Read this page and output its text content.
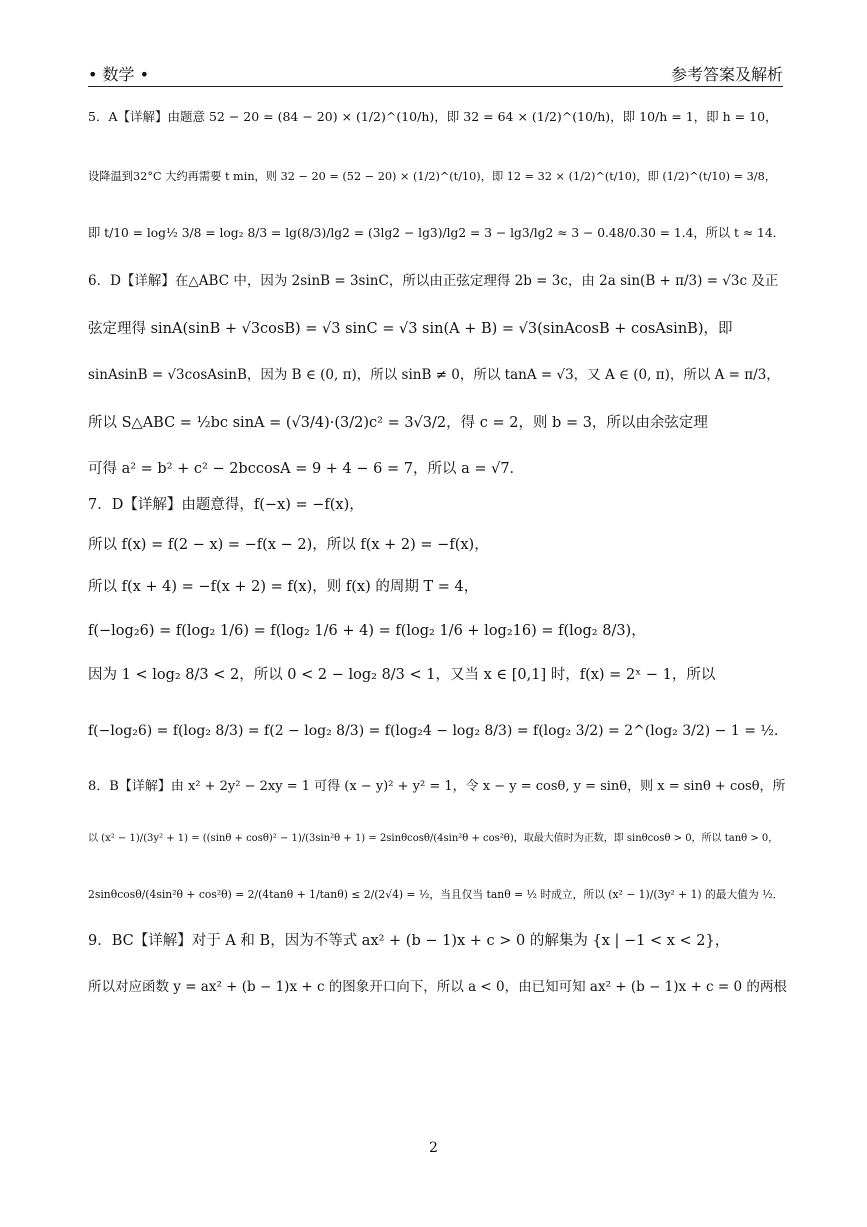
• 数学 •	参考答案及解析

5．A【详解】由题意 52 − 20 = (84 − 20) × (1/2)^(10/h)，即 32 = 64 × (1/2)^(10/h)，即 10/h = 1，即 h = 10，

设降温到32°C 大约再需要 t min，则 32 − 20 = (52 − 20) × (1/2)^(t/10)，即 12 = 32 × (1/2)^(t/10)，即 (1/2)^(t/10) = 3/8，

即 t/10 = log½ 3/8 = log₂ 8/3 = lg(8/3)/lg2 = (3lg2 − lg3)/lg2 = 3 − lg3/lg2 ≈ 3 − 0.48/0.30 = 1.4，所以 t ≈ 14．

6．D【详解】在△ABC 中，因为 2sinB = 3sinC，所以由正弦定理得 2b = 3c，由 2a sin(B + π/3) = √3c 及正

弦定理得 sinA(sinB + √3cosB) = √3 sinC = √3 sin(A + B) = √3(sinAcosB + cosAsinB)，即

sinAsinB = √3cosAsinB，因为 B ∈ (0, π)，所以 sinB ≠ 0，所以 tanA = √3，又 A ∈ (0, π)，所以 A = π/3，

所以 S△ABC = ½bc sinA = (√3/4)·(3/2)c² = 3√3/2，得 c = 2，则 b = 3，所以由余弦定理

可得 a² = b² + c² − 2bccosA = 9 + 4 − 6 = 7，所以 a = √7．

7．D【详解】由题意得，f(−x) = −f(x)，

所以 f(x) = f(2 − x) = −f(x − 2)，所以 f(x + 2) = −f(x)，

所以 f(x + 4) = −f(x + 2) = f(x)，则 f(x) 的周期 T = 4，

f(−log₂6) = f(log₂ 1/6) = f(log₂ 1/6 + 4) = f(log₂ 1/6 + log₂16) = f(log₂ 8/3)，

因为 1 < log₂ 8/3 < 2，所以 0 < 2 − log₂ 8/3 < 1，又当 x ∈ [0,1] 时，f(x) = 2ˣ − 1，所以

f(−log₂6) = f(log₂ 8/3) = f(2 − log₂ 8/3) = f(log₂4 − log₂ 8/3) = f(log₂ 3/2) = 2^(log₂ 3/2) − 1 = ½．

8．B【详解】由 x² + 2y² − 2xy = 1 可得 (x − y)² + y² = 1，令 x − y = cosθ, y = sinθ，则 x = sinθ + cosθ，所

以 (x² − 1)/(3y² + 1) = ((sinθ + cosθ)² − 1)/(3sin²θ + 1) = 2sinθcosθ/(4sin²θ + cos²θ)，取最大值时为正数，即 sinθcosθ > 0，所以 tanθ > 0，

2sinθcosθ/(4sin²θ + cos²θ) = 2/(4tanθ + 1/tanθ) ≤ 2/(2√4) = ½，当且仅当 tanθ = ½ 时成立，所以 (x² − 1)/(3y² + 1) 的最大值为 ½．

9．BC【详解】对于 A 和 B，因为不等式 ax² + (b − 1)x + c > 0 的解集为 {x | −1 < x < 2}，

所以对应函数 y = ax² + (b − 1)x + c 的图象开口向下，所以 a < 0，由已知可知 ax² + (b − 1)x + c = 0 的两根

2
